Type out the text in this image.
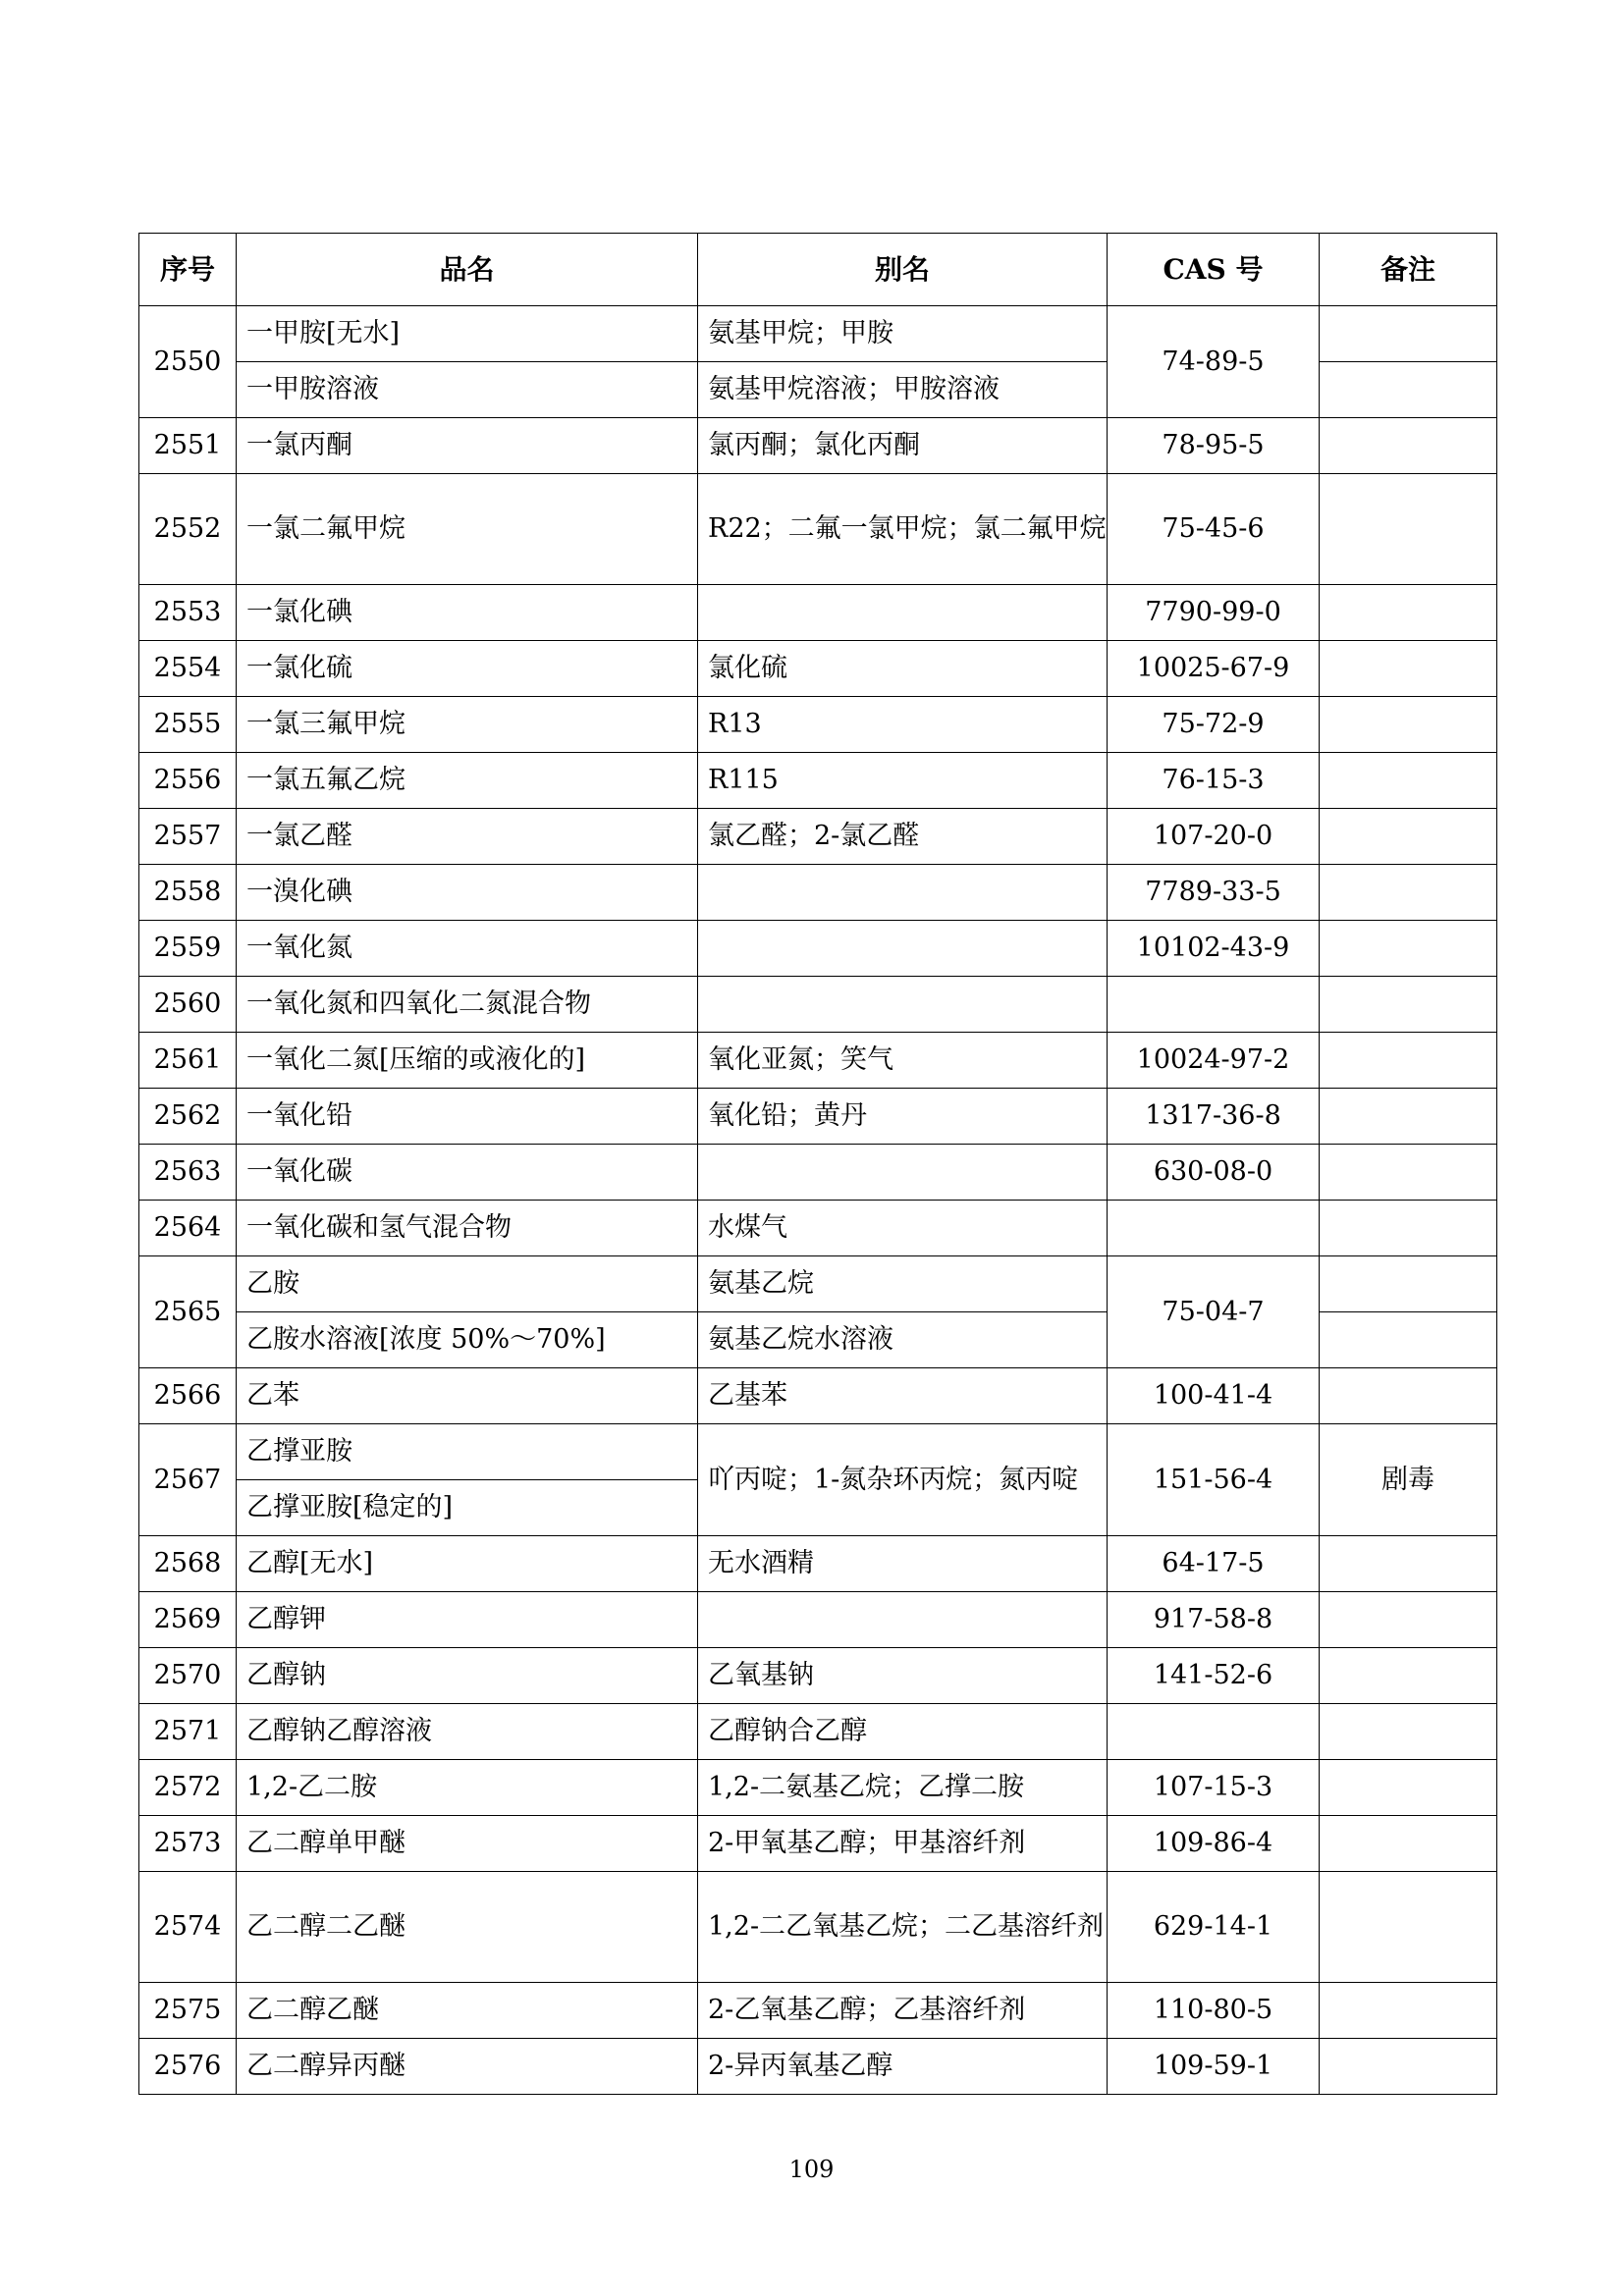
序号	品名	别名	CAS 号	备注
2550	一甲胺[无水]	氨基甲烷；甲胺	74-89-5	
	一甲胺溶液	氨基甲烷溶液；甲胺溶液		
2551	一氯丙酮	氯丙酮；氯化丙酮	78-95-5	
2552	一氯二氟甲烷	R22；二氟一氯甲烷；氯二氟甲烷	75-45-6	
2553	一氯化碘		7790-99-0	
2554	一氯化硫	氯化硫	10025-67-9	
2555	一氯三氟甲烷	R13	75-72-9	
2556	一氯五氟乙烷	R115	76-15-3	
2557	一氯乙醛	氯乙醛；2-氯乙醛	107-20-0	
2558	一溴化碘		7789-33-5	
2559	一氧化氮		10102-43-9	
2560	一氧化氮和四氧化二氮混合物			
2561	一氧化二氮[压缩的或液化的]	氧化亚氮；笑气	10024-97-2	
2562	一氧化铅	氧化铅；黄丹	1317-36-8	
2563	一氧化碳		630-08-0	
2564	一氧化碳和氢气混合物	水煤气		
2565	乙胺	氨基乙烷	75-04-7	
	乙胺水溶液[浓度 50%～70%]	氨基乙烷水溶液		
2566	乙苯	乙基苯	100-41-4	
2567	乙撑亚胺	吖丙啶；1-氮杂环丙烷；氮丙啶	151-56-4	剧毒
	乙撑亚胺[稳定的]			
2568	乙醇[无水]	无水酒精	64-17-5	
2569	乙醇钾		917-58-8	
2570	乙醇钠	乙氧基钠	141-52-6	
2571	乙醇钠乙醇溶液	乙醇钠合乙醇		
2572	1,2-乙二胺	1,2-二氨基乙烷；乙撑二胺	107-15-3	
2573	乙二醇单甲醚	2-甲氧基乙醇；甲基溶纤剂	109-86-4	
2574	乙二醇二乙醚	1,2-二乙氧基乙烷；二乙基溶纤剂	629-14-1	
2575	乙二醇乙醚	2-乙氧基乙醇；乙基溶纤剂	110-80-5	
2576	乙二醇异丙醚	2-异丙氧基乙醇	109-59-1	
109
